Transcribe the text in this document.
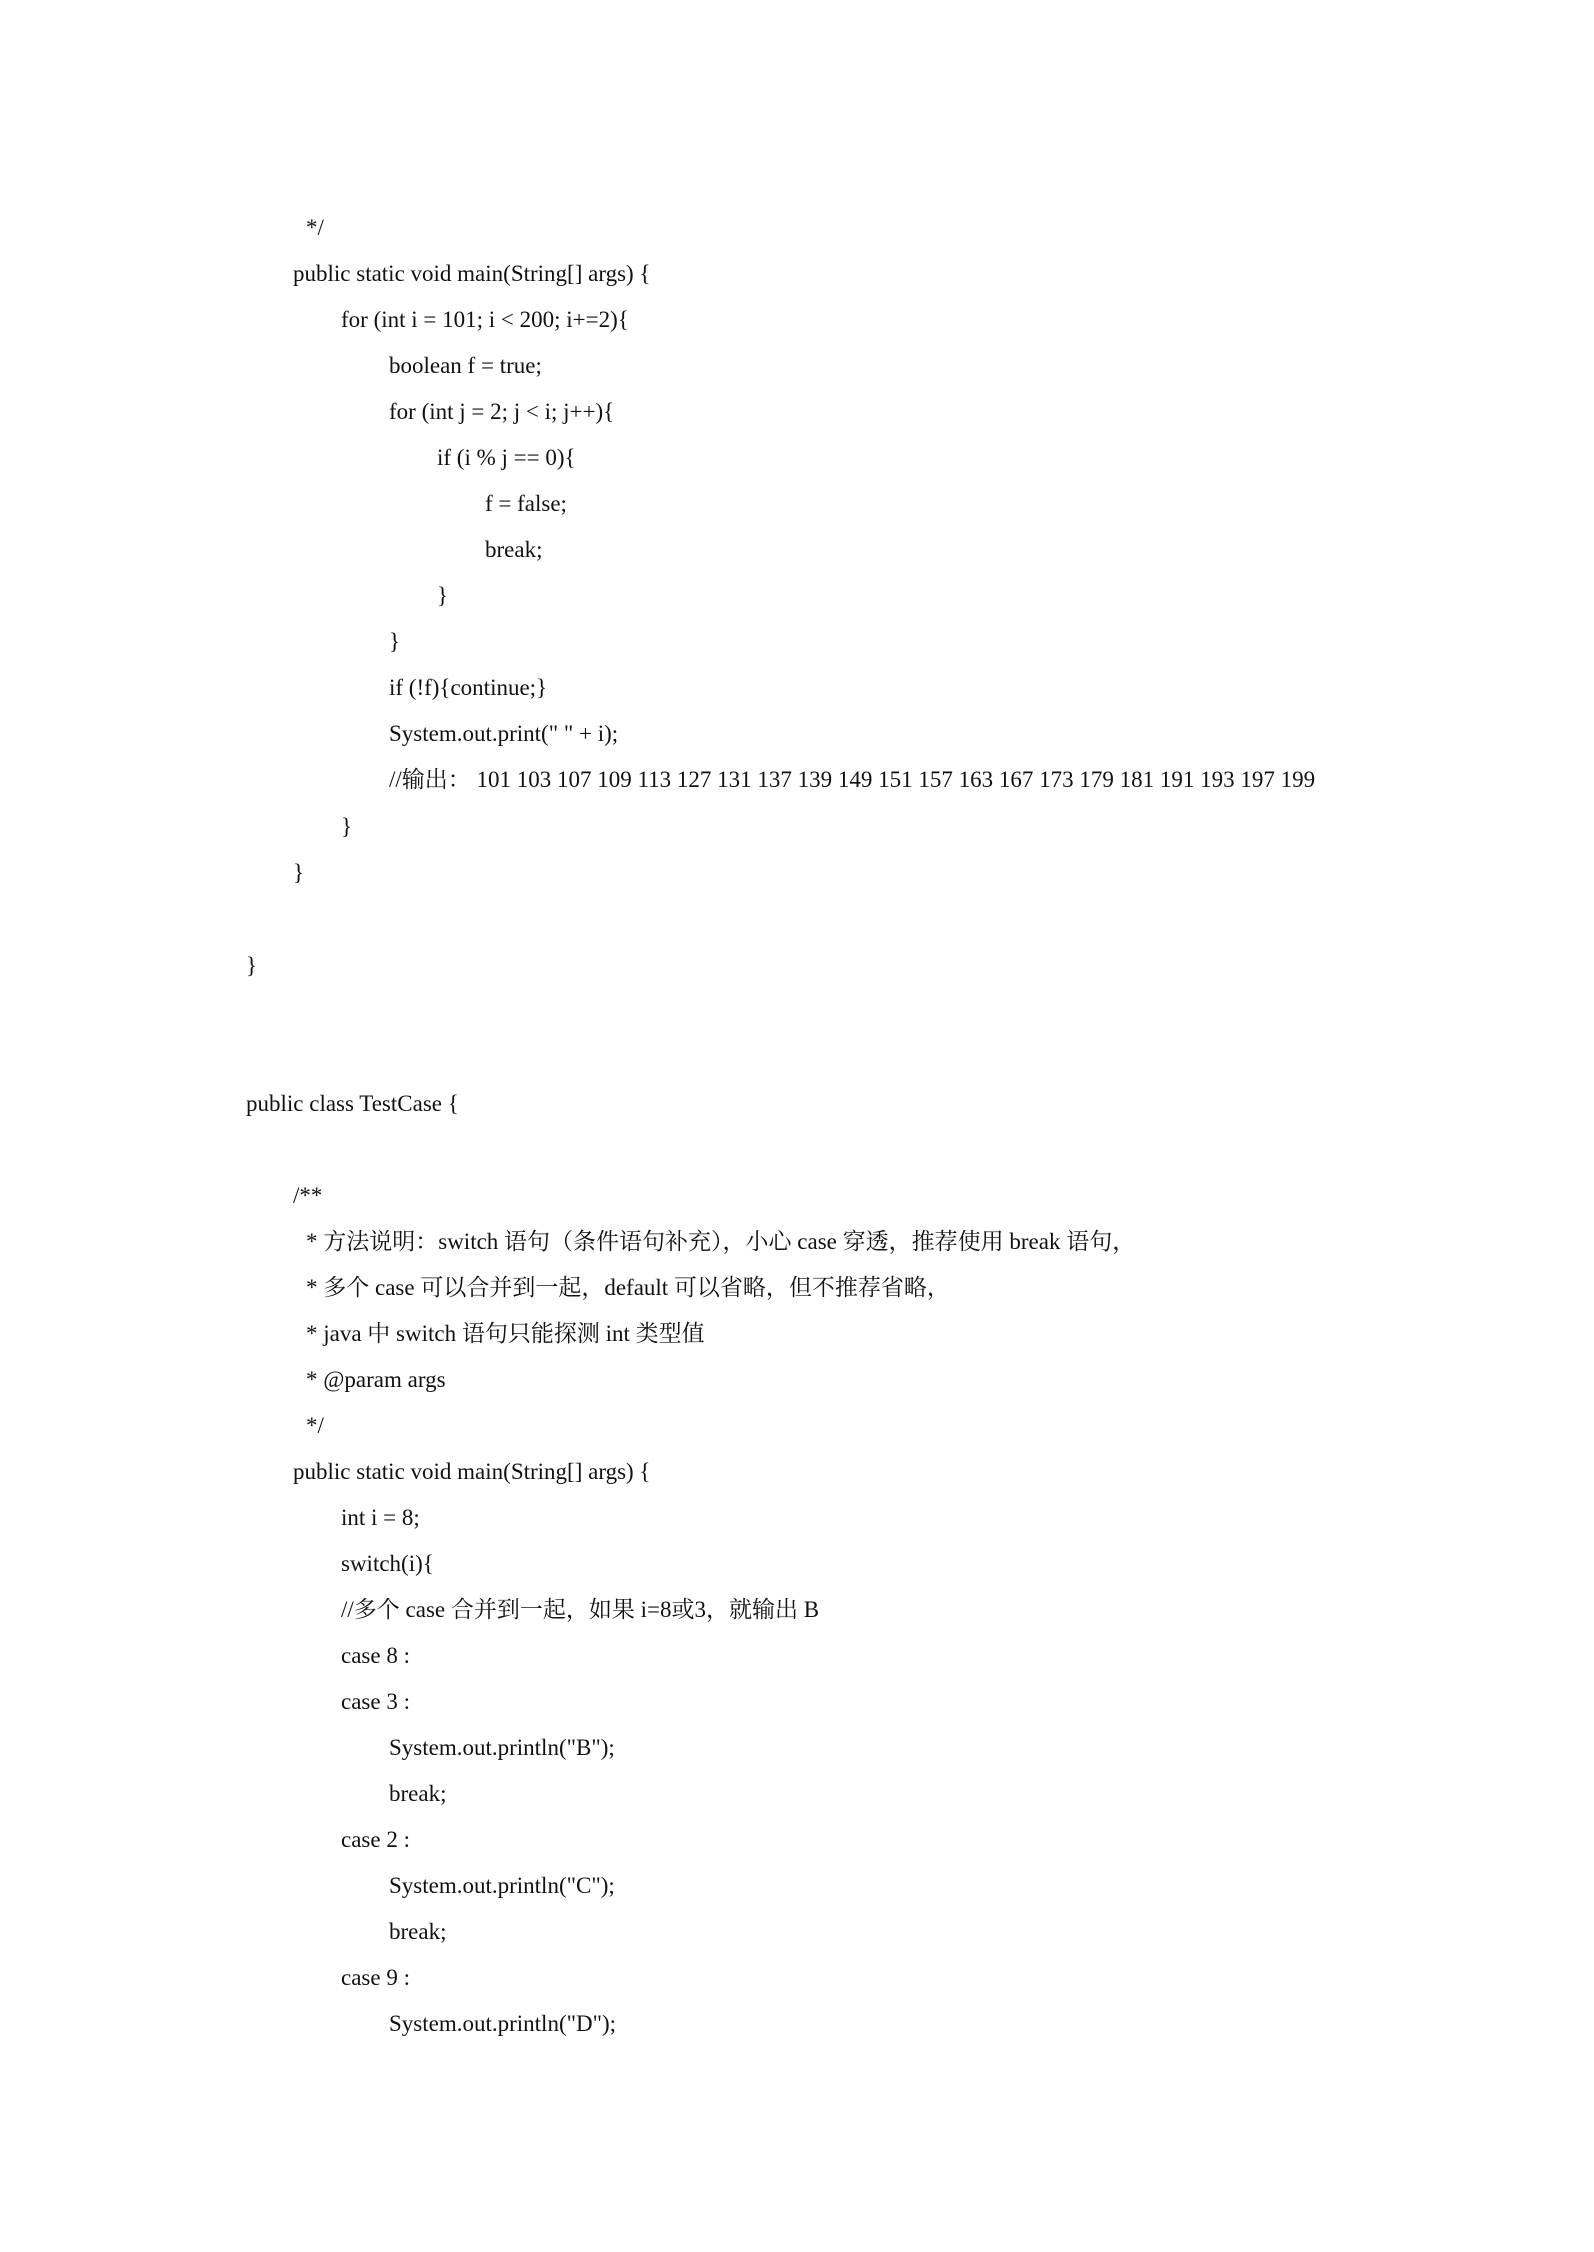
*/
public static void main(String[] args) {
for (int i = 101; i < 200; i+=2){
boolean f = true;
for (int j = 2; j < i; j++){
if (i % j == 0){
f = false;
break;
}
}
if (!f){continue;}
System.out.print(" " + i);
//输出： 101 103 107 109 113 127 131 137 139 149 151 157 163 167 173 179 181 191 193 197 199
}
}
}
public class TestCase {
/**
* 方法说明：switch 语句（条件语句补充），小心 case 穿透，推荐使用 break 语句，
* 多个 case 可以合并到一起，default 可以省略，但不推荐省略，
* java 中 switch 语句只能探测 int 类型值
* @param args
*/
public static void main(String[] args) {
int i = 8;
switch(i){
//多个 case 合并到一起，如果 i=8或3，就输出 B
case 8 :
case 3 :
System.out.println("B");
break;
case 2 :
System.out.println("C");
break;
case 9 :
System.out.println("D");
